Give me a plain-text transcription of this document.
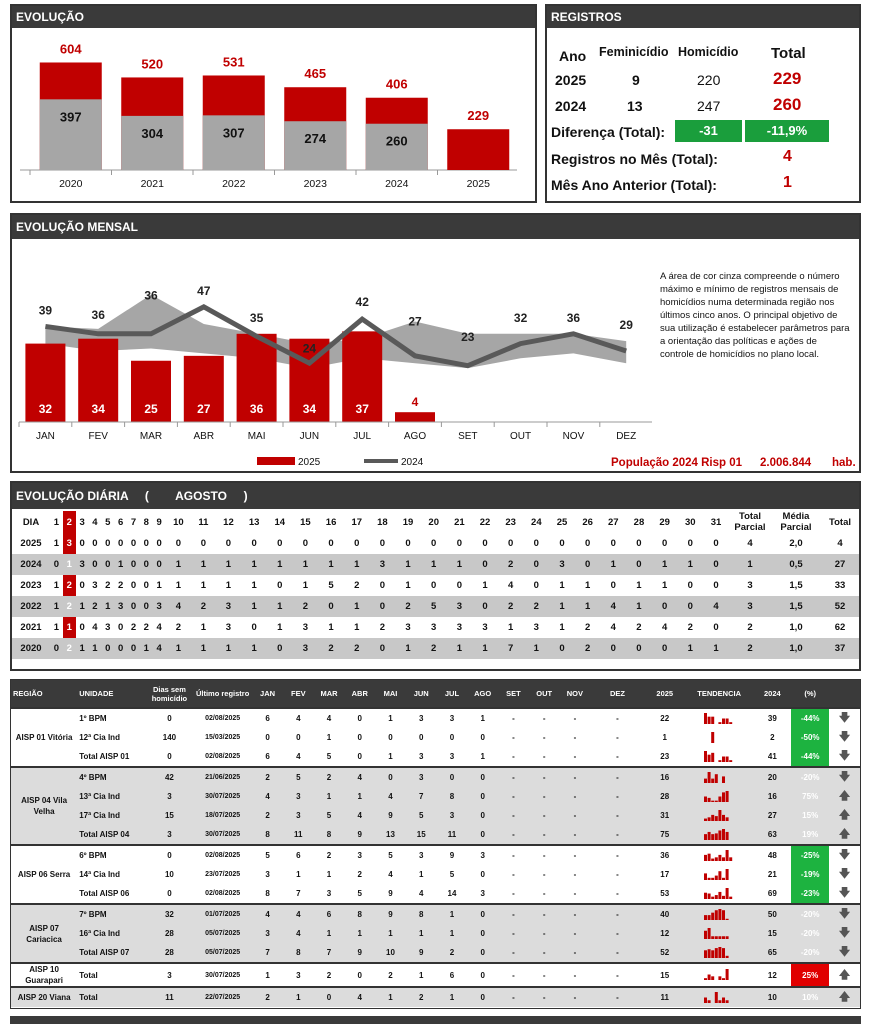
EVOLUÇÃO
397
604
2020
304
520
2021
307
531
2022
274
465
2023
260
406
2024
229
2025
REGISTROS
Ano Feminicídio Homicídio Total
2025	9	220	229
2024	13	247	260
Diferença (Total):	-31	-11,9%
Registros no Mês (Total):	4
Mês Ano Anterior (Total):	1
EVOLUÇÃO MENSAL
32	34	25	27	36	34	37	4
39	36
36	47
35
24
42
27
23
32	36
29
JAN	FEV	MAR	ABR	MAI	JUN	JUL	AGO	SET	OUT	NOV	DEZ
2025	2024
A área de cor cinza compreende o número máximo e mínimo de registros mensais de homicídios numa determinada região nos últimos cinco anos. O principal objetivo de sua utilização é estabelecer parâmetros para a orientação das políticas e ações de controle de homicídios no plano local.
População 2024 Risp 01 2.006.844 hab.
EVOLUÇÃO DIÁRIA     (        AGOSTO     )
DIA	1	2	3	4	5	6	7	8	9	10	11	12	13	14	15	16	17	18	19	20	21	22	23	24	25	26	27	28	29	30	31	Total Parcial	Média Parcial	Total
2025	1	3	0	0	0	0	0	0	0	0	0	0	0	0	0	0	0	0	0	0	0	0	0	0	0	0	0	0	0	0	0	4	2,0	4
2024	0	1	3	0	0	1	0	0	0	1	1	1	1	1	1	1	1	3	1	1	1	0	2	0	3	0	1	0	1	1	0	1	0,5	27
2023	1	2	0	3	2	2	0	0	1	1	1	1	1	0	1	5	2	0	1	0	0	1	4	0	1	1	0	1	1	0	0	3	1,5	33
2022	1	2	1	2	1	3	0	0	3	4	2	3	1	1	2	0	1	0	2	5	3	0	2	2	1	1	4	1	0	0	4	3	1,5	52
2021	1	1	0	4	3	0	2	2	4	2	1	3	0	1	3	1	1	2	3	3	3	3	1	3	1	2	4	2	4	2	0	2	1,0	62
2020	0	2	1	1	0	0	0	1	4	1	1	1	1	0	3	2	2	0	1	2	1	1	7	1	0	2	0	0	0	1	1	2	1,0	37
REGIÃO	UNIDADE	Dias sem homicídio	Último registro	JAN	FEV	MAR	ABR	MAI	JUN	JUL	AGO	SET	OUT	NOV	DEZ	2025	TENDENCIA	2024	(%)	
AISP 01 Vitória	1º BPM	0	02/08/2025	6	4	4	0	1	3	3	1	-	-	-	-	22		39	-44%	🡇
	12ª Cia Ind	140	15/03/2025	0	0	1	0	0	0	0	0	-	-	-	-	1		2	-50%	🡇
	Total AISP 01	0	02/08/2025	6	4	5	0	1	3	3	1	-	-	-	-	23		41	-44%	🡇
AISP 04 Vila Velha	4º BPM	42	21/06/2025	2	5	2	4	0	3	0	0	-	-	-	-	16		20	-20%	🡇
	13ª Cia Ind	3	30/07/2025	4	3	1	1	4	7	8	0	-	-	-	-	28		16	75%	🡅
	17ª Cia Ind	15	18/07/2025	2	3	5	4	9	5	3	0	-	-	-	-	31		27	15%	🡅
	Total AISP 04	3	30/07/2025	8	11	8	9	13	15	11	0	-	-	-	-	75		63	19%	🡅
AISP 06 Serra	6º BPM	0	02/08/2025	5	6	2	3	5	3	9	3	-	-	-	-	36		48	-25%	🡇
	14ª Cia Ind	10	23/07/2025	3	1	1	2	4	1	5	0	-	-	-	-	17		21	-19%	🡇
	Total AISP 06	0	02/08/2025	8	7	3	5	9	4	14	3	-	-	-	-	53		69	-23%	🡇
AISP 07 Cariacica	7º BPM	32	01/07/2025	4	4	6	8	9	8	1	0	-	-	-	-	40		50	-20%	🡇
	16ª Cia Ind	28	05/07/2025	3	4	1	1	1	1	1	0	-	-	-	-	12		15	-20%	🡇
	Total AISP 07	28	05/07/2025	7	8	7	9	10	9	2	0	-	-	-	-	52		65	-20%	🡇
AISP 10 Guarapari	Total	3	30/07/2025	1	3	2	0	2	1	6	0	-	-	-	-	15		12	25%	🡅
AISP 20 Viana	Total	11	22/07/2025	2	1	0	4	1	2	1	0	-	-	-	-	11		10	10%	🡅
